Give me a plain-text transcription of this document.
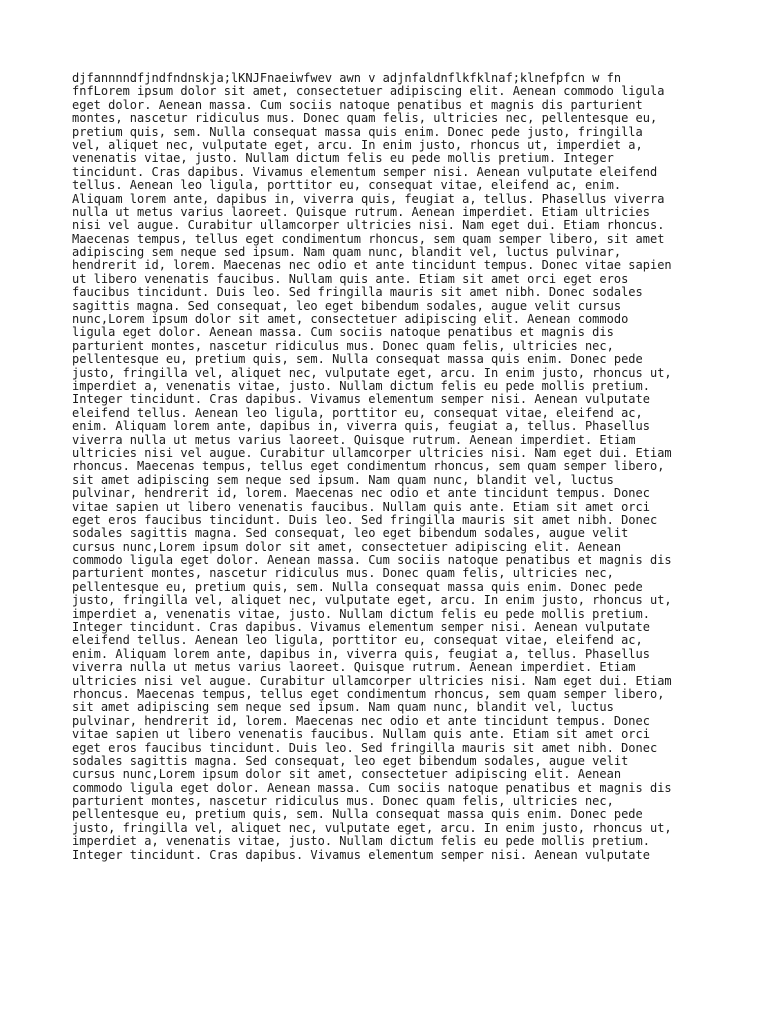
djfannnndfjndfndnskja;lKNJFnaeiwfwev awn v adjnfaldnflkfklnaf;klnefpfcn w fn
fnfLorem ipsum dolor sit amet, consectetuer adipiscing elit. Aenean commodo ligula
eget dolor. Aenean massa. Cum sociis natoque penatibus et magnis dis parturient
montes, nascetur ridiculus mus. Donec quam felis, ultricies nec, pellentesque eu,
pretium quis, sem. Nulla consequat massa quis enim. Donec pede justo, fringilla
vel, aliquet nec, vulputate eget, arcu. In enim justo, rhoncus ut, imperdiet a,
venenatis vitae, justo. Nullam dictum felis eu pede mollis pretium. Integer
tincidunt. Cras dapibus. Vivamus elementum semper nisi. Aenean vulputate eleifend
tellus. Aenean leo ligula, porttitor eu, consequat vitae, eleifend ac, enim.
Aliquam lorem ante, dapibus in, viverra quis, feugiat a, tellus. Phasellus viverra
nulla ut metus varius laoreet. Quisque rutrum. Aenean imperdiet. Etiam ultricies
nisi vel augue. Curabitur ullamcorper ultricies nisi. Nam eget dui. Etiam rhoncus.
Maecenas tempus, tellus eget condimentum rhoncus, sem quam semper libero, sit amet
adipiscing sem neque sed ipsum. Nam quam nunc, blandit vel, luctus pulvinar,
hendrerit id, lorem. Maecenas nec odio et ante tincidunt tempus. Donec vitae sapien
ut libero venenatis faucibus. Nullam quis ante. Etiam sit amet orci eget eros
faucibus tincidunt. Duis leo. Sed fringilla mauris sit amet nibh. Donec sodales
sagittis magna. Sed consequat, leo eget bibendum sodales, augue velit cursus
nunc,Lorem ipsum dolor sit amet, consectetuer adipiscing elit. Aenean commodo
ligula eget dolor. Aenean massa. Cum sociis natoque penatibus et magnis dis
parturient montes, nascetur ridiculus mus. Donec quam felis, ultricies nec,
pellentesque eu, pretium quis, sem. Nulla consequat massa quis enim. Donec pede
justo, fringilla vel, aliquet nec, vulputate eget, arcu. In enim justo, rhoncus ut,
imperdiet a, venenatis vitae, justo. Nullam dictum felis eu pede mollis pretium.
Integer tincidunt. Cras dapibus. Vivamus elementum semper nisi. Aenean vulputate
eleifend tellus. Aenean leo ligula, porttitor eu, consequat vitae, eleifend ac,
enim. Aliquam lorem ante, dapibus in, viverra quis, feugiat a, tellus. Phasellus
viverra nulla ut metus varius laoreet. Quisque rutrum. Aenean imperdiet. Etiam
ultricies nisi vel augue. Curabitur ullamcorper ultricies nisi. Nam eget dui. Etiam
rhoncus. Maecenas tempus, tellus eget condimentum rhoncus, sem quam semper libero,
sit amet adipiscing sem neque sed ipsum. Nam quam nunc, blandit vel, luctus
pulvinar, hendrerit id, lorem. Maecenas nec odio et ante tincidunt tempus. Donec
vitae sapien ut libero venenatis faucibus. Nullam quis ante. Etiam sit amet orci
eget eros faucibus tincidunt. Duis leo. Sed fringilla mauris sit amet nibh. Donec
sodales sagittis magna. Sed consequat, leo eget bibendum sodales, augue velit
cursus nunc,Lorem ipsum dolor sit amet, consectetuer adipiscing elit. Aenean
commodo ligula eget dolor. Aenean massa. Cum sociis natoque penatibus et magnis dis
parturient montes, nascetur ridiculus mus. Donec quam felis, ultricies nec,
pellentesque eu, pretium quis, sem. Nulla consequat massa quis enim. Donec pede
justo, fringilla vel, aliquet nec, vulputate eget, arcu. In enim justo, rhoncus ut,
imperdiet a, venenatis vitae, justo. Nullam dictum felis eu pede mollis pretium.
Integer tincidunt. Cras dapibus. Vivamus elementum semper nisi. Aenean vulputate
eleifend tellus. Aenean leo ligula, porttitor eu, consequat vitae, eleifend ac,
enim. Aliquam lorem ante, dapibus in, viverra quis, feugiat a, tellus. Phasellus
viverra nulla ut metus varius laoreet. Quisque rutrum. Aenean imperdiet. Etiam
ultricies nisi vel augue. Curabitur ullamcorper ultricies nisi. Nam eget dui. Etiam
rhoncus. Maecenas tempus, tellus eget condimentum rhoncus, sem quam semper libero,
sit amet adipiscing sem neque sed ipsum. Nam quam nunc, blandit vel, luctus
pulvinar, hendrerit id, lorem. Maecenas nec odio et ante tincidunt tempus. Donec
vitae sapien ut libero venenatis faucibus. Nullam quis ante. Etiam sit amet orci
eget eros faucibus tincidunt. Duis leo. Sed fringilla mauris sit amet nibh. Donec
sodales sagittis magna. Sed consequat, leo eget bibendum sodales, augue velit
cursus nunc,Lorem ipsum dolor sit amet, consectetuer adipiscing elit. Aenean
commodo ligula eget dolor. Aenean massa. Cum sociis natoque penatibus et magnis dis
parturient montes, nascetur ridiculus mus. Donec quam felis, ultricies nec,
pellentesque eu, pretium quis, sem. Nulla consequat massa quis enim. Donec pede
justo, fringilla vel, aliquet nec, vulputate eget, arcu. In enim justo, rhoncus ut,
imperdiet a, venenatis vitae, justo. Nullam dictum felis eu pede mollis pretium.
Integer tincidunt. Cras dapibus. Vivamus elementum semper nisi. Aenean vulputate
